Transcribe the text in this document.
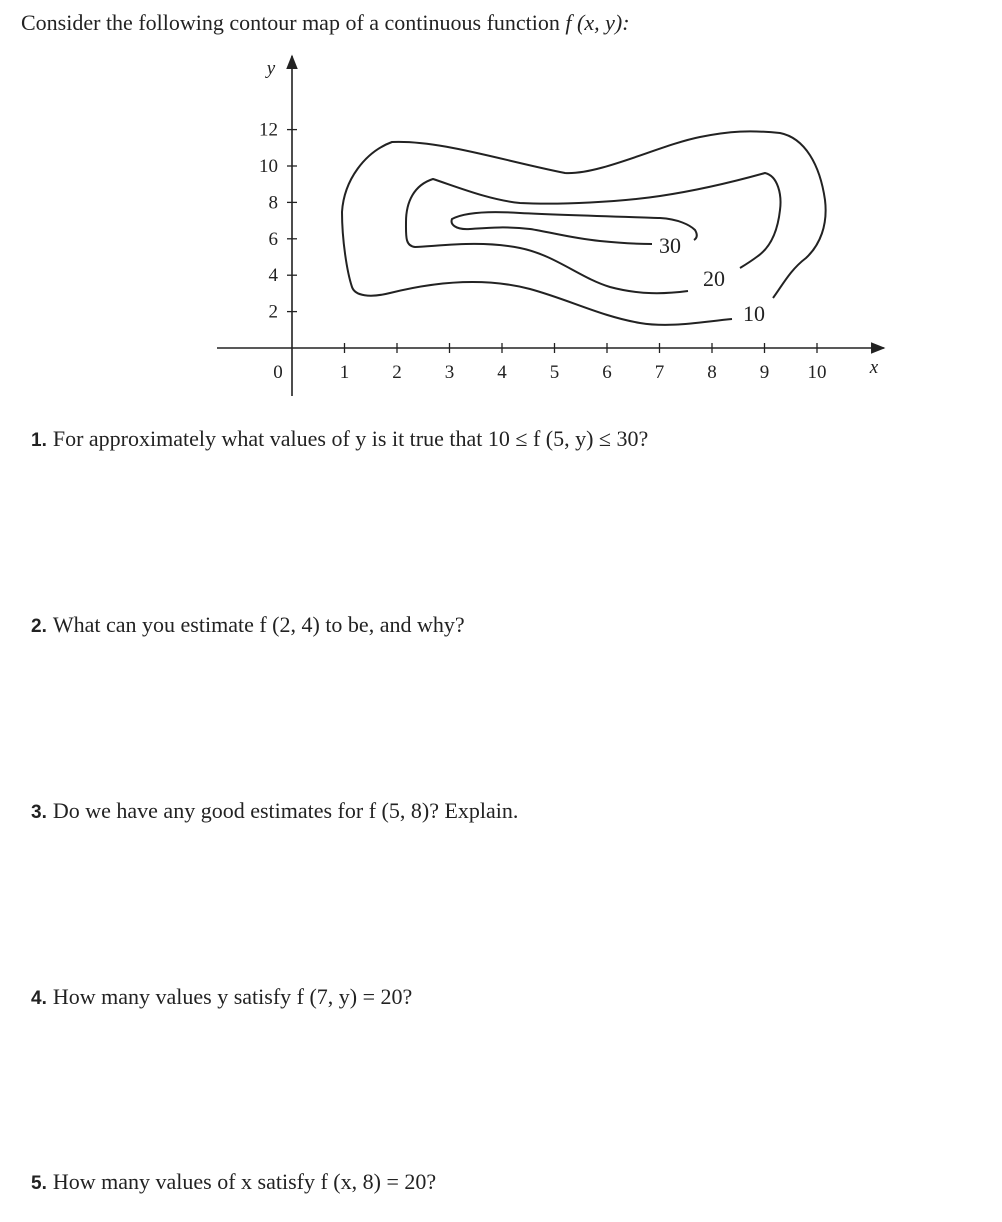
Consider the following contour map of a continuous function f (x, y):
0	1 2 3 4 5 6 7 8 9 10
2
4
6
8
10
12
x
y
10
20
30
1. For approximately what values of y is it true that 10 ≤ f (5, y) ≤ 30?
2. What can you estimate f (2, 4) to be, and why?
3. Do we have any good estimates for f (5, 8)? Explain.
4. How many values y satisfy f (7, y) = 20?
5. How many values of x satisfy f (x, 8) = 20?
